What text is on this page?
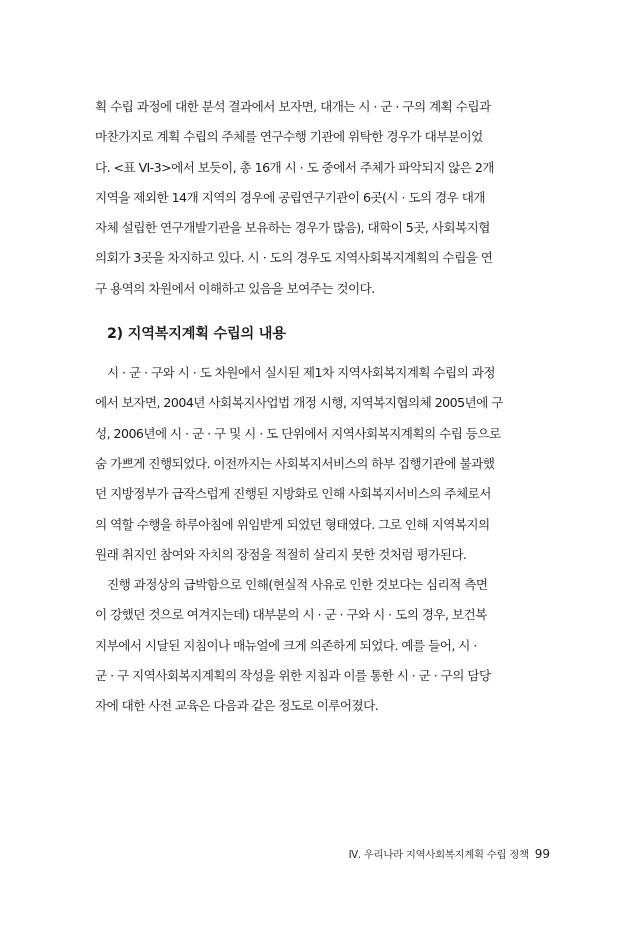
획 수립 과정에 대한 분석 결과에서 보자면, 대개는 시 · 군 · 구의 계획 수립과
마찬가지로 계획 수립의 주체를 연구수행 기관에 위탁한 경우가 대부분이었
다. <표 Ⅵ-3>에서 보듯이, 총 16개 시 · 도 중에서 주체가 파악되지 않은 2개
지역을 제외한 14개 지역의 경우에 공립연구기관이 6곳(시 · 도의 경우 대개
자체 설립한 연구개발기관을 보유하는 경우가 많음), 대학이 5곳, 사회복지협
의회가 3곳을 차지하고 있다. 시 · 도의 경우도 지역사회복지계획의 수립을 연
구 용역의 차원에서 이해하고 있음을 보여주는 것이다.

2) 지역복지계획 수립의 내용

시 · 군 · 구와 시 · 도 차원에서 실시된 제1차 지역사회복지계획 수립의 과정
에서 보자면, 2004년 사회복지사업법 개정 시행, 지역복지협의체 2005년에 구
성, 2006년에 시 · 군 · 구 및 시 · 도 단위에서 지역사회복지계획의 수립 등으로
숨 가쁘게 진행되었다. 이전까지는 사회복지서비스의 하부 집행기관에 불과했
던 지방정부가 급작스럽게 진행된 지방화로 인해 사회복지서비스의 주체로서
의 역할 수행을 하루아침에 위임받게 되었던 형태였다. 그로 인해 지역복지의
원래 취지인 참여와 자치의 장점을 적절히 살리지 못한 것처럼 평가된다.

진행 과정상의 급박함으로 인해(현실적 사유로 인한 것보다는 심리적 측면
이 강했던 것으로 여겨지는데) 대부분의 시 · 군 · 구와 시 · 도의 경우, 보건복
지부에서 시달된 지침이나 매뉴얼에 크게 의존하게 되었다. 예를 들어, 시 ·
군 · 구 지역사회복지계획의 작성을 위한 지침과 이를 통한 시 · 군 · 구의 담당
자에 대한 사전 교육은 다음과 같은 정도로 이루어졌다.

Ⅳ. 우리나라 지역사회복지계획 수립 정책 99
